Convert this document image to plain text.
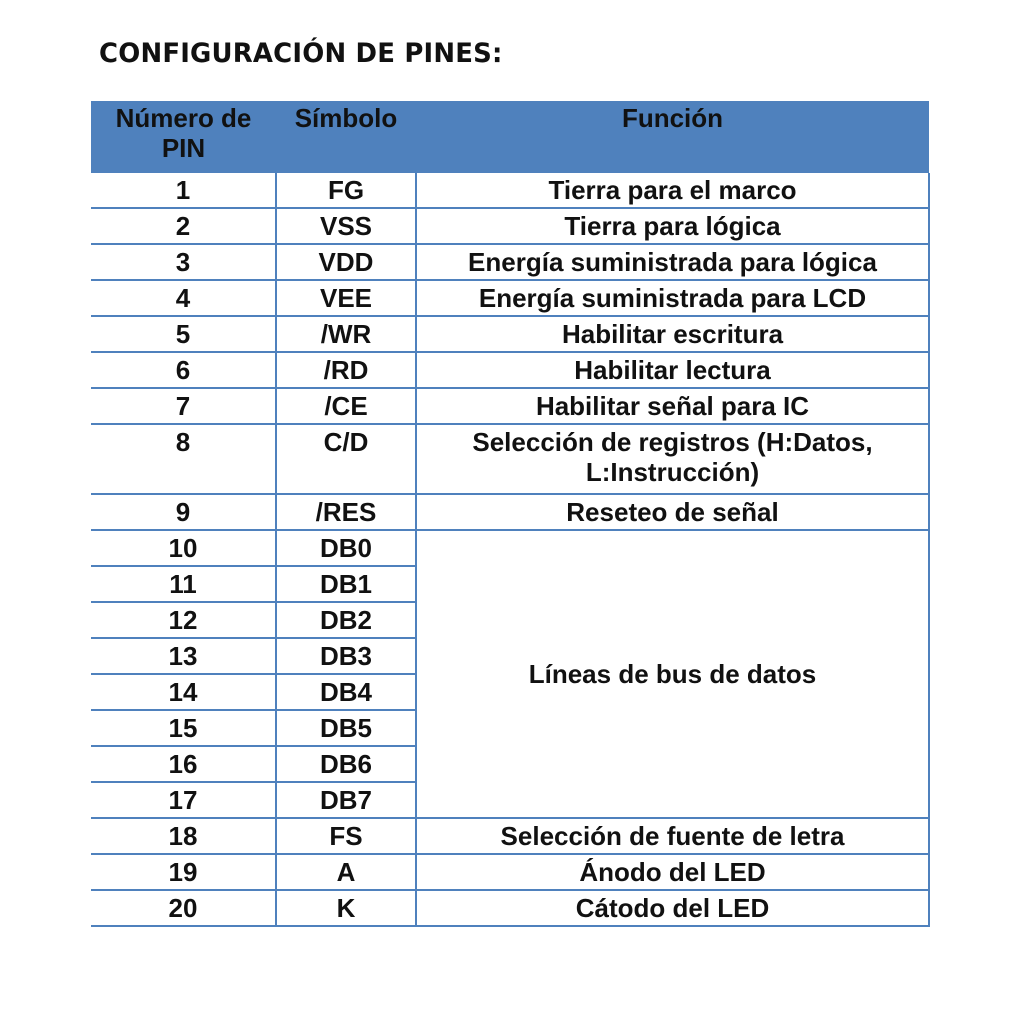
CONFIGURACIÓN DE PINES:
Número de PIN	Símbolo	Función
1	FG	Tierra para el marco
2	VSS	Tierra para lógica
3	VDD	Energía suministrada para lógica
4	VEE	Energía suministrada para LCD
5	/WR	Habilitar escritura
6	/RD	Habilitar lectura
7	/CE	Habilitar señal para IC
8	C/D	Selección de registros (H:Datos, L:Instrucción)
9	/RES	Reseteo de señal
10	DB0	Líneas de bus de datos
11	DB1	
12	DB2	
13	DB3	
14	DB4	
15	DB5	
16	DB6	
17	DB7	
18	FS	Selección de fuente de letra
19	A	Ánodo del LED
20	K	Cátodo del LED
